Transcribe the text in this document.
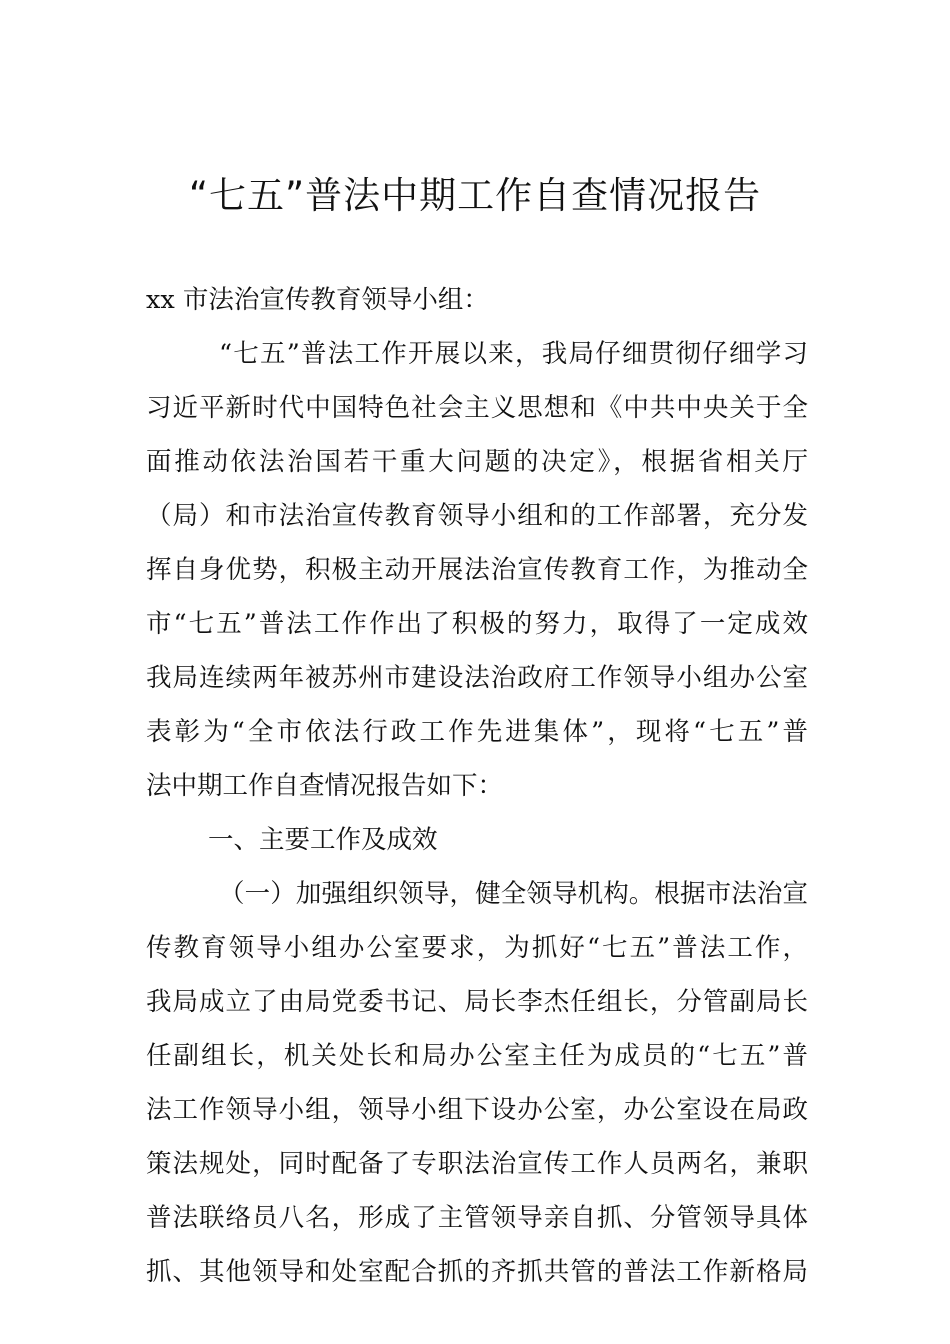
“七五”普法中期工作自查情况报告
xx 市法治宣传教育领导小组：
“七五”普法工作开展以来，我局仔细贯彻仔细学习
习近平新时代中国特色社会主义思想和《中共中央关于全
面推动依法治国若干重大问题的决定》，根据省相关厅
（局）和市法治宣传教育领导小组和的工作部署，充分发
挥自身优势，积极主动开展法治宣传教育工作，为推动全
市“七五”普法工作作出了积极的努力，取得了一定成效
我局连续两年被苏州市建设法治政府工作领导小组办公室
表彰为“全市依法行政工作先进集体”，现将“七五”普
法中期工作自查情况报告如下：
一、主要工作及成效
（一）加强组织领导，健全领导机构。根据市法治宣
传教育领导小组办公室要求，为抓好“七五”普法工作，
我局成立了由局党委书记、局长李杰任组长，分管副局长
任副组长，机关处长和局办公室主任为成员的“七五”普
法工作领导小组，领导小组下设办公室，办公室设在局政
策法规处，同时配备了专职法治宣传工作人员两名，兼职
普法联络员八名，形成了主管领导亲自抓、分管领导具体
抓、其他领导和处室配合抓的齐抓共管的普法工作新格局
